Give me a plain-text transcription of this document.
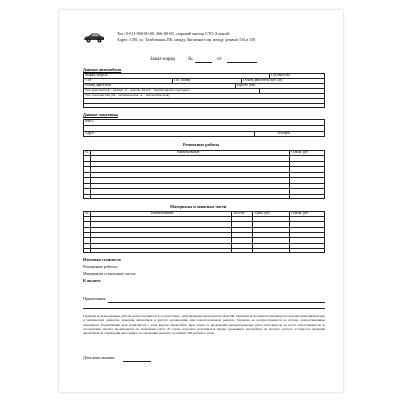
Тел: 8-911-000-00-00, 366-00-00, старший мастер СТО Алексей
Адрес: СПб, ул. Тамбовская 25Е, между Лиговского пр. между домами 154 и 150
Заказ-наряд	№	от
Данные автомобиля
Марка, модель	Год выпуска
VIN	Гос. номер	Объем двигателя (куб.см)
Номер двигателя	Пробег (км)
Тип двигателя (Б – бензин, Д – дизель, БТ,ДТ – бензин/дизель турбодиз)
Тип трансмиссии (М – механическая, А – автоматическая)
Данные заказчика
ФИО:
Адрес	Телефон
Ремонтные работы
№	Наименование	Сумма, руб
Материалы и запасные части
№	Наименование	Кол-во	Цена, руб	Сумма, руб
Итоговая стоимость
Ремонтные работы:
Материалы и запасные части:
К оплате:
Примечания:
Гарантия на выполненные работы распространяется в соответствии с действующим законодательством РФ. Гарантия исполнителя аннулируется при внесении физических и технических дефектов, передачи автомобиля в другую организацию или самостоятельном ремонте. Гарантия не распространяется на детали, предоставленные заказчиком. Гарантийный срок исчисляется с даты выдачи автомобиля. При отказе от проведения рекомендованных работ исполнитель не несет ответственности за последствия. Оплата производится по окончании работ. В случае неоплаты исполнитель вправе удерживать автомобиль до полного расчета. Стоимость хранения автомобиля на территории автосервиса по окончании ремонта составляет 100 рублей в сутки.
Дата выполнения:
